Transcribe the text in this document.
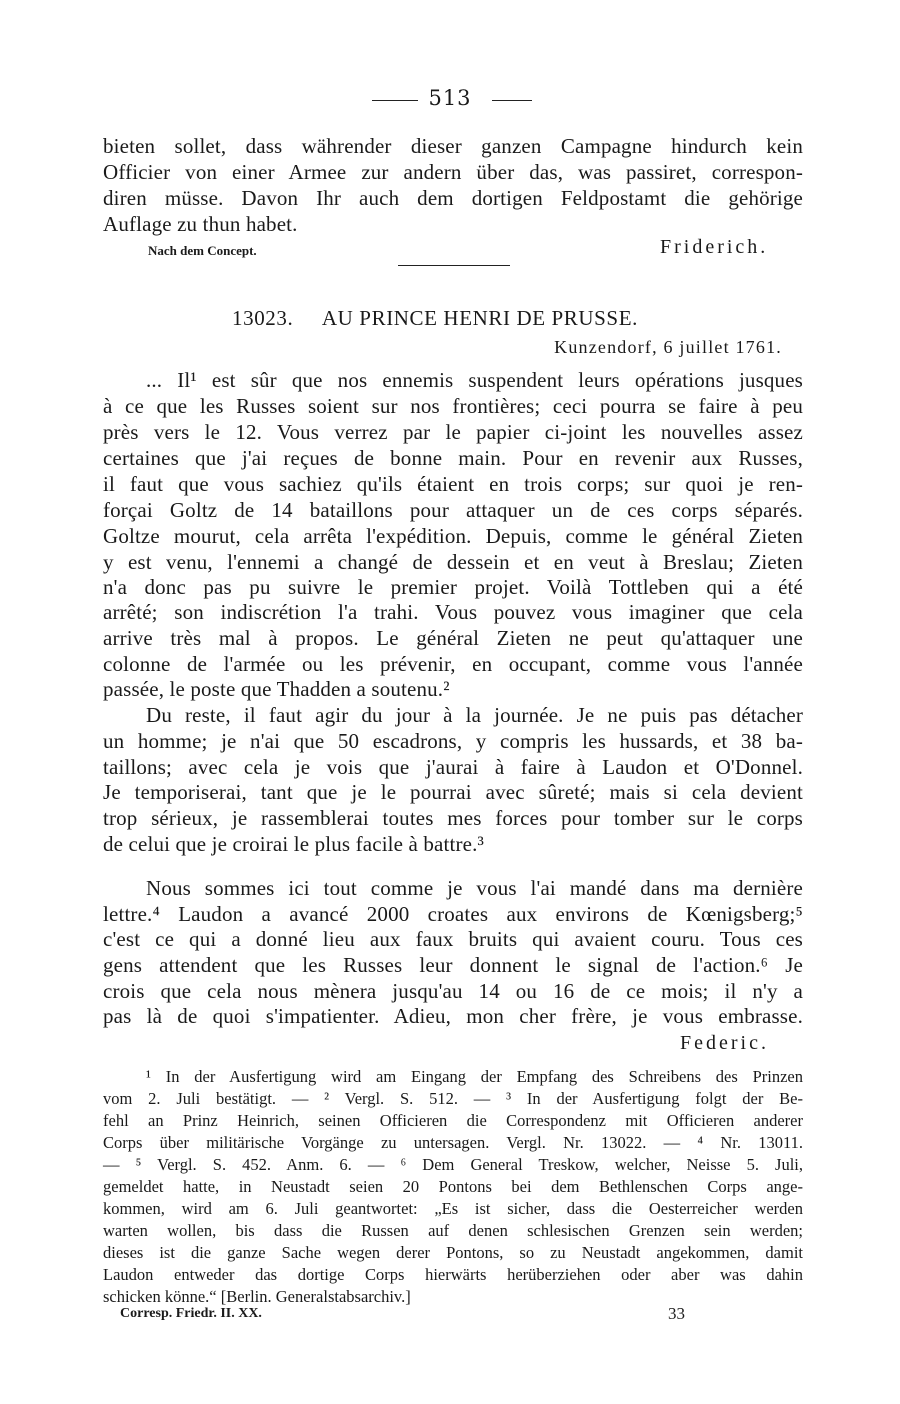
513
bieten sollet, dass währender dieser ganzen Campagne hindurch kein
Officier von einer Armee zur andern über das, was passiret, correspon-
diren müsse. Davon Ihr auch dem dortigen Feldpostamt die gehörige
Auflage zu thun habet.
Nach dem Concept.	Friderich.
13023. AU PRINCE HENRI DE PRUSSE.
Kunzendorf, 6 juillet 1761.
... Il¹ est sûr que nos ennemis suspendent leurs opérations jusques
à ce que les Russes soient sur nos frontières; ceci pourra se faire à peu
près vers le 12. Vous verrez par le papier ci-joint les nouvelles assez
certaines que j'ai reçues de bonne main. Pour en revenir aux Russes,
il faut que vous sachiez qu'ils étaient en trois corps; sur quoi je ren-
forçai Goltz de 14 bataillons pour attaquer un de ces corps séparés.
Goltze mourut, cela arrêta l'expédition. Depuis, comme le général Zieten
y est venu, l'ennemi a changé de dessein et en veut à Breslau; Zieten
n'a donc pas pu suivre le premier projet. Voilà Tottleben qui a été
arrêté; son indiscrétion l'a trahi. Vous pouvez vous imaginer que cela
arrive très mal à propos. Le général Zieten ne peut qu'attaquer une
colonne de l'armée ou les prévenir, en occupant, comme vous l'année
passée, le poste que Thadden a soutenu.²
Du reste, il faut agir du jour à la journée. Je ne puis pas détacher
un homme; je n'ai que 50 escadrons, y compris les hussards, et 38 ba-
taillons; avec cela je vois que j'aurai à faire à Laudon et O'Donnel.
Je temporiserai, tant que je le pourrai avec sûreté; mais si cela devient
trop sérieux, je rassemblerai toutes mes forces pour tomber sur le corps
de celui que je croirai le plus facile à battre.³
Nous sommes ici tout comme je vous l'ai mandé dans ma dernière
lettre.⁴ Laudon a avancé 2000 croates aux environs de Kœnigsberg;⁵
c'est ce qui a donné lieu aux faux bruits qui avaient couru. Tous ces
gens attendent que les Russes leur donnent le signal de l'action.⁶ Je
crois que cela nous mènera jusqu'au 14 ou 16 de ce mois; il n'y a
pas là de quoi s'impatienter. Adieu, mon cher frère, je vous embrasse.
Federic.
¹ In der Ausfertigung wird am Eingang der Empfang des Schreibens des Prinzen
vom 2. Juli bestätigt. — ² Vergl. S. 512. — ³ In der Ausfertigung folgt der Be-
fehl an Prinz Heinrich, seinen Officieren die Correspondenz mit Officieren anderer
Corps über militärische Vorgänge zu untersagen. Vergl. Nr. 13022. — ⁴ Nr. 13011.
— ⁵ Vergl. S. 452. Anm. 6. — ⁶ Dem General Treskow, welcher, Neisse 5. Juli,
gemeldet hatte, in Neustadt seien 20 Pontons bei dem Bethlenschen Corps ange-
kommen, wird am 6. Juli geantwortet: „Es ist sicher, dass die Oesterreicher werden
warten wollen, bis dass die Russen auf denen schlesischen Grenzen sein werden;
dieses ist die ganze Sache wegen derer Pontons, so zu Neustadt angekommen, damit
Laudon entweder das dortige Corps hierwärts herüberziehen oder aber was dahin
schicken könne.“ [Berlin. Generalstabsarchiv.]
Corresp. Friedr. II. XX.	33
